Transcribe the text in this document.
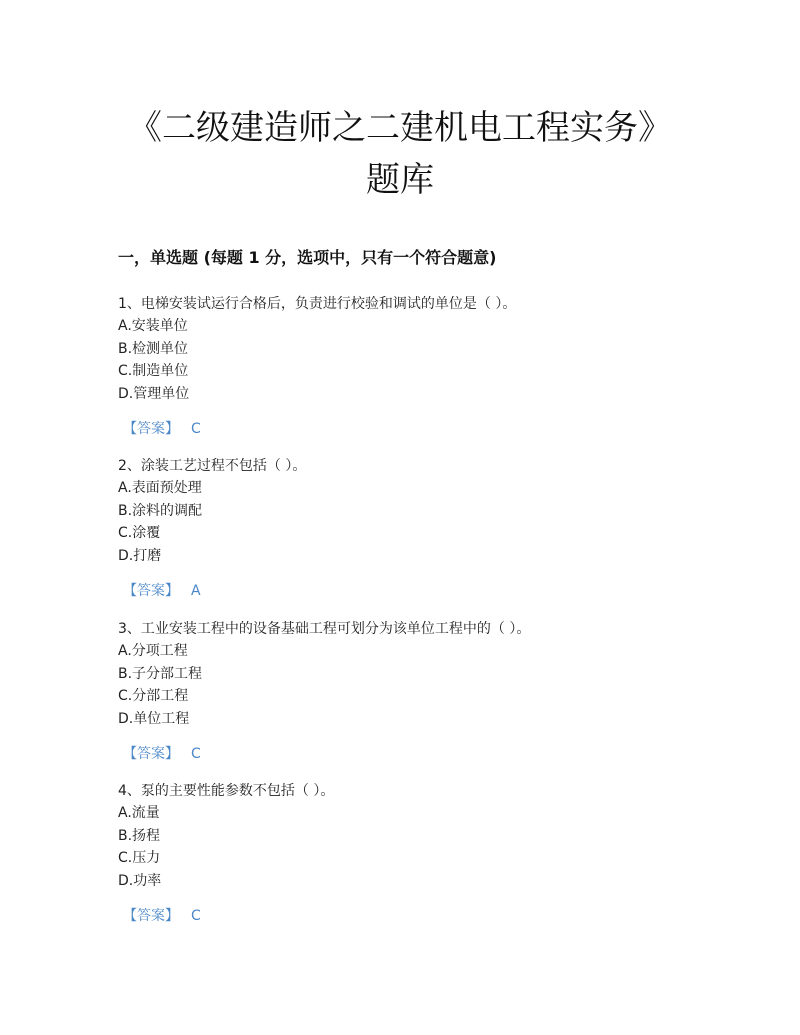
《二级建造师之二建机电工程实务》
题库
一，单选题 (每题 1 分，选项中，只有一个符合题意)
1、电梯安装试运行合格后，负责进行校验和调试的单位是（ ）。
A.安装单位
B.检测单位
C.制造单位
D.管理单位
【答案】 C
2、涂装工艺过程不包括（ ）。
A.表面预处理
B.涂料的调配
C.涂覆
D.打磨
【答案】 A
3、工业安装工程中的设备基础工程可划分为该单位工程中的（ ）。
A.分项工程
B.子分部工程
C.分部工程
D.单位工程
【答案】 C
4、泵的主要性能参数不包括（ ）。
A.流量
B.扬程
C.压力
D.功率
【答案】 C
